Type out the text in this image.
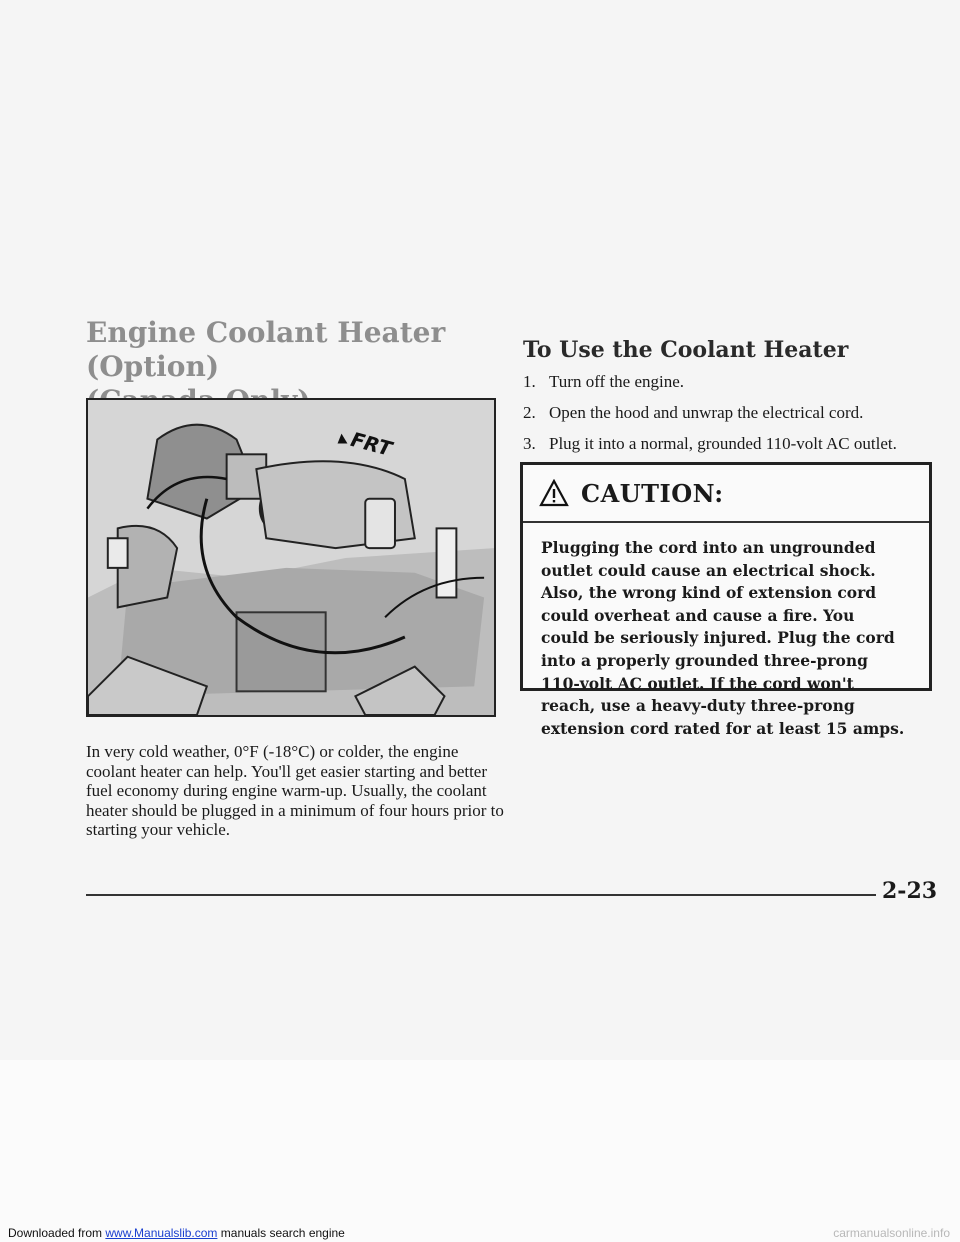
Engine Coolant Heater (Option)
FRT
To Use the Coolant Heater
1. Turn off the engine.
2. Open the hood and unwrap the electrical cord.
3. Plug it into a normal, grounded 110-volt AC outlet.
CAUTION:
Plugging the cord into an ungrounded outlet could cause an electrical shock. Also, the wrong kind of extension cord could overheat and cause a fire. You could be seriously injured. Plug the cord into a properly grounded three-prong 110-volt AC outlet. If the cord won't reach, use a heavy-duty three-prong extension cord rated for at least 15 amps.
In very cold weather, 0°F (-18°C) or colder, the engine coolant heater can help. You'll get easier starting and better fuel economy during engine warm-up. Usually, the coolant heater should be plugged in a minimum of four hours prior to starting your vehicle.
2-23
Downloaded from www.Manualslib.com manuals search engine	carmanualsonline.info
